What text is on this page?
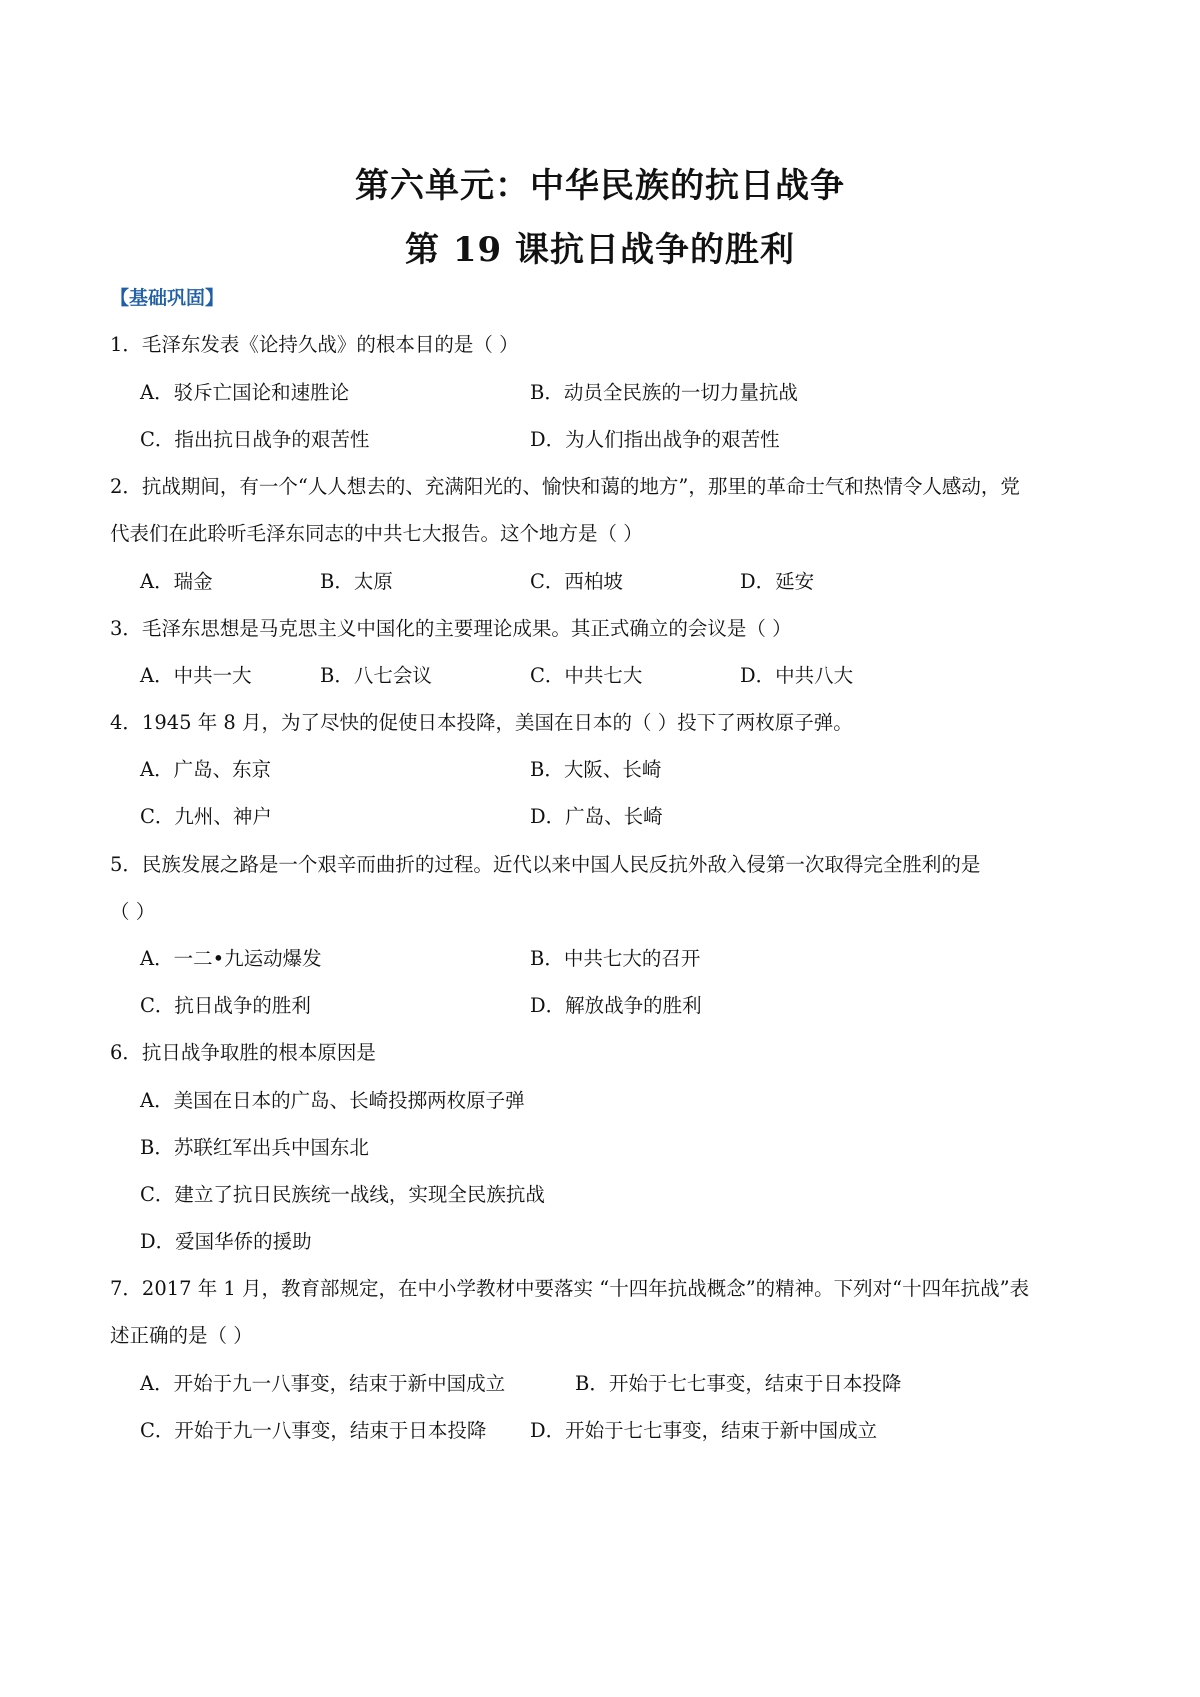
第六单元：中华民族的抗日战争
第 19 课抗日战争的胜利
【基础巩固】
1．毛泽东发表《论持久战》的根本目的是（ ）
A．驳斥亡国论和速胜论	B．动员全民族的一切力量抗战
C．指出抗日战争的艰苦性	D．为人们指出战争的艰苦性
2．抗战期间，有一个“人人想去的、充满阳光的、愉快和蔼的地方”，那里的革命士气和热情令人感动，党
代表们在此聆听毛泽东同志的中共七大报告。这个地方是（ ）
A．瑞金	B．太原	C．西柏坡	D．延安
3．毛泽东思想是马克思主义中国化的主要理论成果。其正式确立的会议是（ ）
A．中共一大	B．八七会议	C．中共七大	D．中共八大
4．1945 年 8 月，为了尽快的促使日本投降，美国在日本的（ ）投下了两枚原子弹。
A．广岛、东京	B．大阪、长崎
C．九州、神户	D．广岛、长崎
5．民族发展之路是一个艰辛而曲折的过程。近代以来中国人民反抗外敌入侵第一次取得完全胜利的是
（ ）
A．一二•九运动爆发	B．中共七大的召开
C．抗日战争的胜利	D．解放战争的胜利
6．抗日战争取胜的根本原因是
A．美国在日本的广岛、长崎投掷两枚原子弹
B．苏联红军出兵中国东北
C．建立了抗日民族统一战线，实现全民族抗战
D．爱国华侨的援助
7．2017 年 1 月，教育部规定，在中小学教材中要落实 “十四年抗战概念”的精神。下列对“十四年抗战”表
述正确的是（ ）
A．开始于九一八事变，结束于新中国成立	B．开始于七七事变，结束于日本投降
C．开始于九一八事变，结束于日本投降 D．开始于七七事变，结束于新中国成立
